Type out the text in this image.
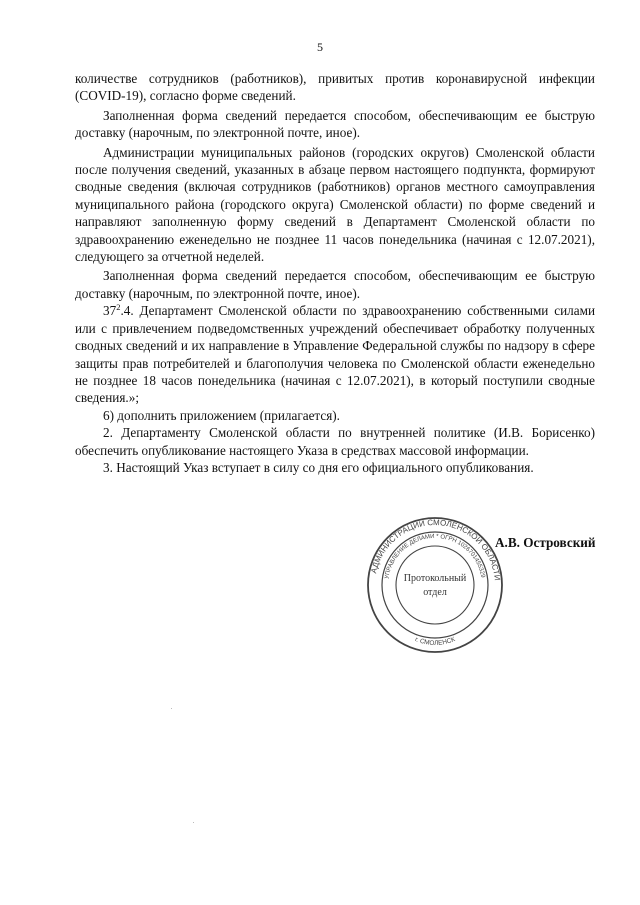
5

количестве сотрудников (работников), привитых против коронавирусной инфекции (COVID-19), согласно форме сведений.

Заполненная форма сведений передается способом, обеспечивающим ее быструю доставку (нарочным, по электронной почте, иное).

Администрации муниципальных районов (городских округов) Смоленской области после получения сведений, указанных в абзаце первом настоящего подпункта, формируют сводные сведения (включая сотрудников (работников) органов местного самоуправления муниципального района (городского округа) Смоленской области) по форме сведений и направляют заполненную форму сведений в Департамент Смоленской области по здравоохранению еженедельно не позднее 11 часов понедельника (начиная с 12.07.2021), следующего за отчетной неделей.

Заполненная форма сведений передается способом, обеспечивающим ее быструю доставку (нарочным, по электронной почте, иное).

$37^2.4$. Департамент Смоленской области по здравоохранению собственными силами или с привлечением подведомственных учреждений обеспечивает обработку полученных сводных сведений и их направление в Управление Федеральной службы по надзору в сфере защиты прав потребителей и благополучия человека по Смоленской области еженедельно не позднее 18 часов понедельника (начиная с 12.07.2021), в который поступили сводные сведения.»;

6) дополнить приложением (прилагается).

2. Департаменту Смоленской области по внутренней политике (И.В. Борисенко) обеспечить опубликование настоящего Указа в средствах массовой информации.

3. Настоящий Указ вступает в силу со дня его официального опубликования.

АДМИНИСТРАЦИИ СМОЛЕНСКОЙ ОБЛАСТИ
УПРАВЛЕНИЕ ДЕЛАМИ * ОГРН 1026701455329
г. СМОЛЕНСК
Протокольный
отдел
А.В. Островский
